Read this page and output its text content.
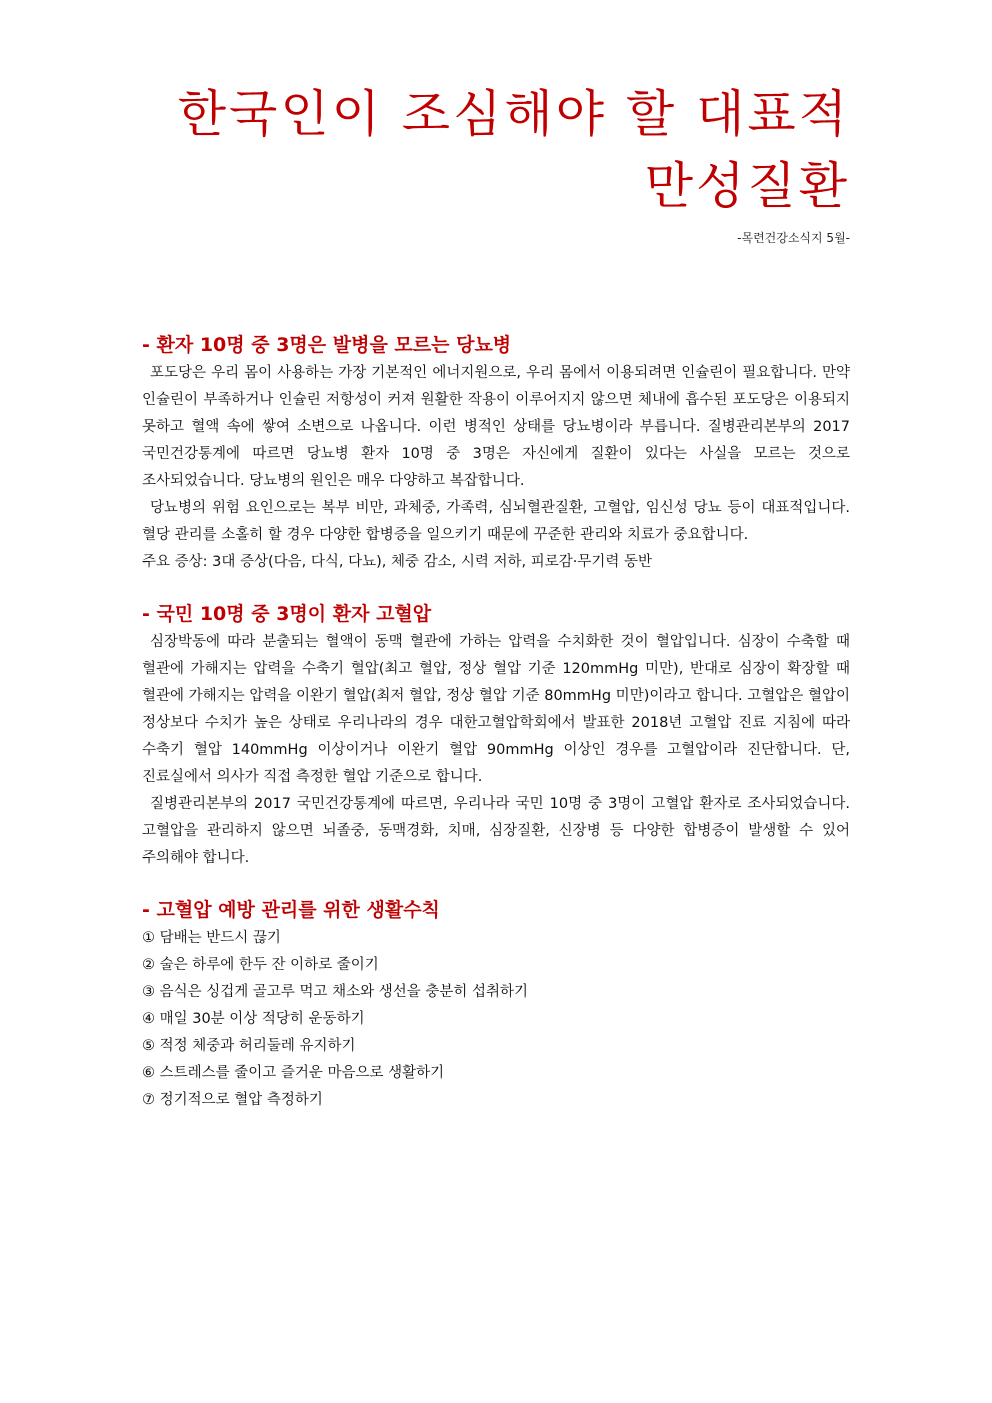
한국인이 조심해야 할 대표적
만성질환
-목련건강소식지 5월-
- 환자 10명 중 3명은 발병을 모르는 당뇨병

포도당은 우리 몸이 사용하는 가장 기본적인 에너지원으로, 우리 몸에서 이용되려면 인슐린이 필요합니다. 만약 인슐린이 부족하거나 인슐린 저항성이 커져 원활한 작용이 이루어지지 않으면 체내에 흡수된 포도당은 이용되지 못하고 혈액 속에 쌓여 소변으로 나옵니다. 이런 병적인 상태를 당뇨병이라 부릅니다. 질병관리본부의 2017 국민건강통계에 따르면 당뇨병 환자 10명 중 3명은 자신에게 질환이 있다는 사실을 모르는 것으로 조사되었습니다. 당뇨병의 원인은 매우 다양하고 복잡합니다.

당뇨병의 위험 요인으로는 복부 비만, 과체중, 가족력, 심뇌혈관질환, 고혈압, 임신성 당뇨 등이 대표적입니다. 혈당 관리를 소홀히 할 경우 다양한 합병증을 일으키기 때문에 꾸준한 관리와 치료가 중요합니다.

주요 증상: 3대 증상(다음, 다식, 다뇨), 체중 감소, 시력 저하, 피로감·무기력 동반

- 국민 10명 중 3명이 환자 고혈압

심장박동에 따라 분출되는 혈액이 동맥 혈관에 가하는 압력을 수치화한 것이 혈압입니다. 심장이 수축할 때 혈관에 가해지는 압력을 수축기 혈압(최고 혈압, 정상 혈압 기준 120mmHg 미만), 반대로 심장이 확장할 때 혈관에 가해지는 압력을 이완기 혈압(최저 혈압, 정상 혈압 기준 80mmHg 미만)이라고 합니다. 고혈압은 혈압이 정상보다 수치가 높은 상태로 우리나라의 경우 대한고혈압학회에서 발표한 2018년 고혈압 진료 지침에 따라 수축기 혈압 140mmHg 이상이거나 이완기 혈압 90mmHg 이상인 경우를 고혈압이라 진단합니다. 단, 진료실에서 의사가 직접 측정한 혈압 기준으로 합니다.

질병관리본부의 2017 국민건강통계에 따르면, 우리나라 국민 10명 중 3명이 고혈압 환자로 조사되었습니다. 고혈압을 관리하지 않으면 뇌졸중, 동맥경화, 치매, 심장질환, 신장병 등 다양한 합병증이 발생할 수 있어 주의해야 합니다.

- 고혈압 예방 관리를 위한 생활수칙
① 담배는 반드시 끊기
② 술은 하루에 한두 잔 이하로 줄이기
③ 음식은 싱겁게 골고루 먹고 채소와 생선을 충분히 섭취하기
④ 매일 30분 이상 적당히 운동하기
⑤ 적정 체중과 허리둘레 유지하기
⑥ 스트레스를 줄이고 즐거운 마음으로 생활하기
⑦ 정기적으로 혈압 측정하기
